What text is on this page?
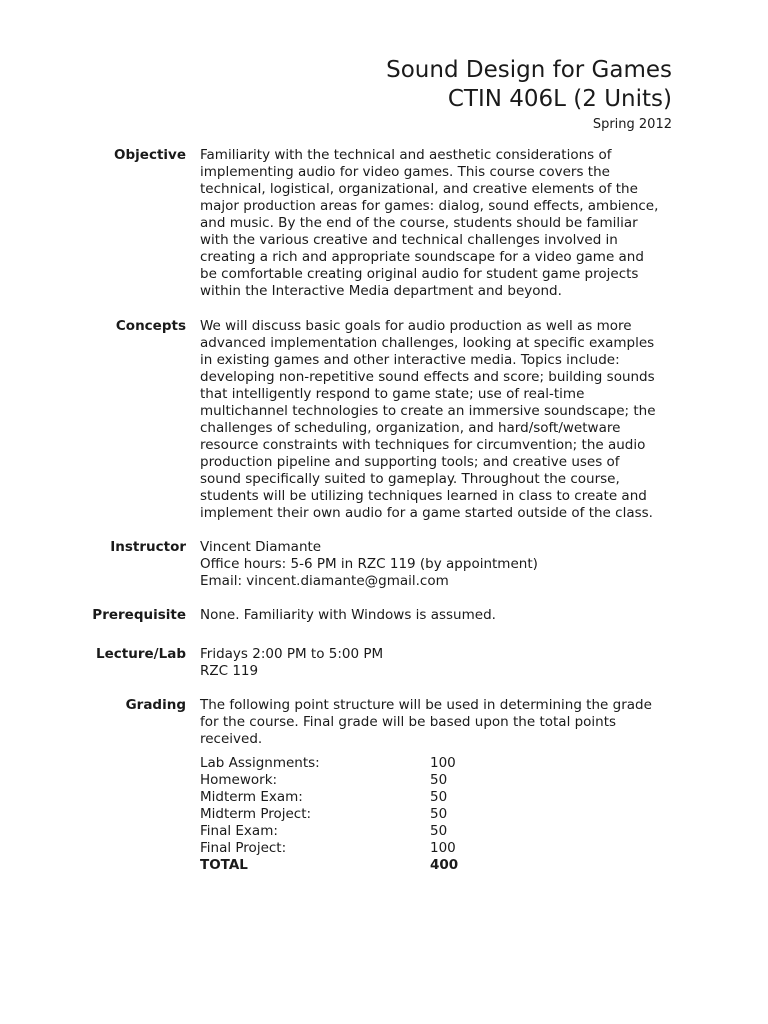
Sound Design for Games
CTIN 406L (2 Units)
Spring 2012
Objective Familiarity with the technical and aesthetic considerations of
implementing audio for video games. This course covers the
technical, logistical, organizational, and creative elements of the
major production areas for games: dialog, sound effects, ambience,
and music. By the end of the course, students should be familiar
with the various creative and technical challenges involved in
creating a rich and appropriate soundscape for a video game and
be comfortable creating original audio for student game projects
within the Interactive Media department and beyond.
Concepts We will discuss basic goals for audio production as well as more
advanced implementation challenges, looking at specific examples
in existing games and other interactive media. Topics include:
developing non-repetitive sound effects and score; building sounds
that intelligently respond to game state; use of real-time
multichannel technologies to create an immersive soundscape; the
challenges of scheduling, organization, and hard/soft/wetware
resource constraints with techniques for circumvention; the audio
production pipeline and supporting tools; and creative uses of
sound specifically suited to gameplay. Throughout the course,
students will be utilizing techniques learned in class to create and
implement their own audio for a game started outside of the class.
Instructor Vincent Diamante
Office hours: 5-6 PM in RZC 119 (by appointment)
Email: vincent.diamante@gmail.com
Prerequisite None. Familiarity with Windows is assumed.
Lecture/Lab Fridays 2:00 PM to 5:00 PM
RZC 119
Grading The following point structure will be used in determining the grade
for the course. Final grade will be based upon the total points
received.
Lab Assignments:	100
Homework:	50
Midterm Exam:	50
Midterm Project:	50
Final Exam:	50
Final Project:	100
TOTAL	400
